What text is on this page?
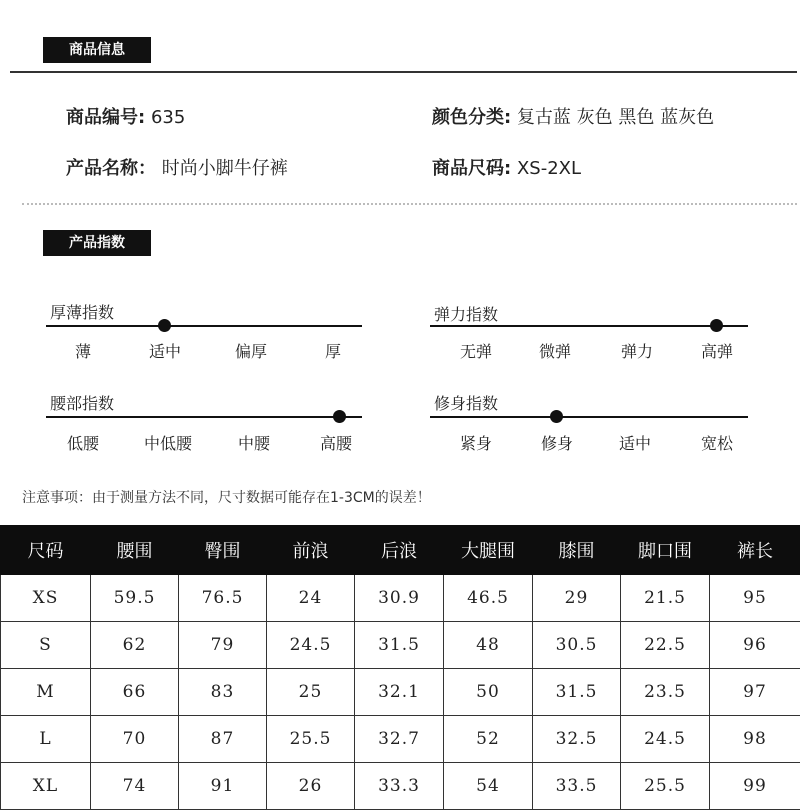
商品信息
商品编号: 635	颜色分类: 复古蓝 灰色 黑色 蓝灰色
产品名称： 时尚小脚牛仔裤	商品尺码: XS-2XL
产品指数
厚薄指数
薄	适中	偏厚	厚
弹力指数
无弹	微弹	弹力	高弹
腰部指数
低腰	中低腰	中腰	高腰
修身指数
紧身	修身	适中	宽松
注意事项：由于测量方法不同，尺寸数据可能存在1-3CM的误差！
尺码	腰围	臀围	前浪	后浪	大腿围	膝围	脚口围	裤长
XS	59.5	76.5	24	30.9	46.5	29	21.5	95
S	62	79	24.5	31.5	48	30.5	22.5	96
M	66	83	25	32.1	50	31.5	23.5	97
L	70	87	25.5	32.7	52	32.5	24.5	98
XL	74	91	26	33.3	54	33.5	25.5	99
